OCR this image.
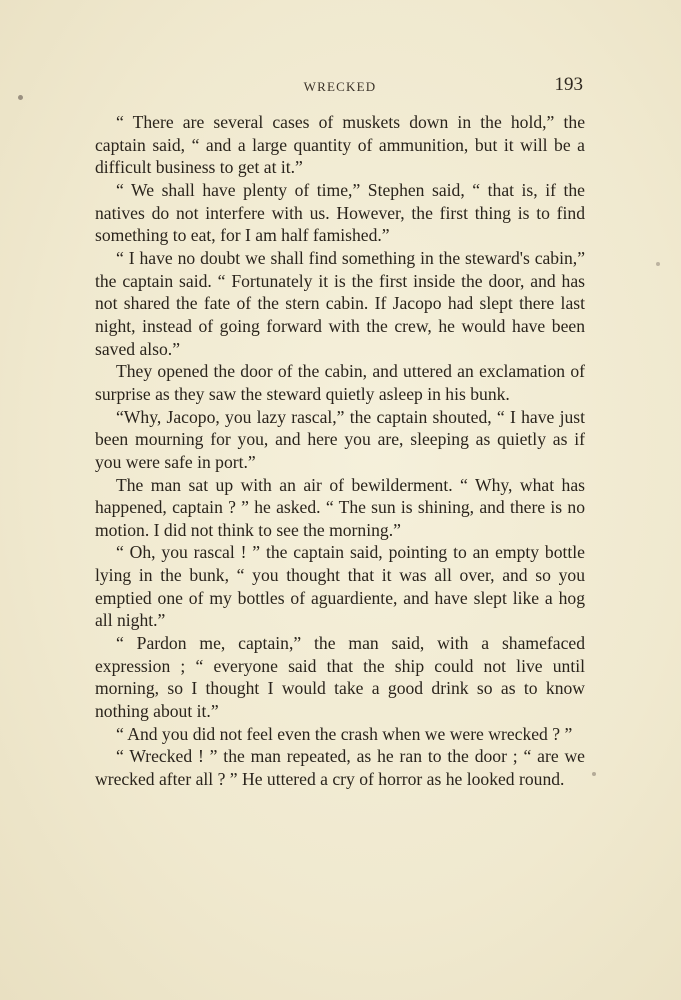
WRECKED	193

“ There are several cases of muskets down in the hold,” the captain said, “ and a large quantity of ammunition, but it will be a difficult business to get at it.”

“ We shall have plenty of time,” Stephen said, “ that is, if the natives do not interfere with us. However, the first thing is to find something to eat, for I am half famished.”

“ I have no doubt we shall find something in the steward's cabin,” the captain said. “ Fortunately it is the first inside the door, and has not shared the fate of the stern cabin. If Jacopo had slept there last night, instead of going forward with the crew, he would have been saved also.”

They opened the door of the cabin, and uttered an exclamation of surprise as they saw the steward quietly asleep in his bunk.

“Why, Jacopo, you lazy rascal,” the captain shouted, “ I have just been mourning for you, and here you are, sleeping as quietly as if you were safe in port.”

The man sat up with an air of bewilderment. “ Why, what has happened, captain ? ” he asked. “ The sun is shining, and there is no motion. I did not think to see the morning.”

“ Oh, you rascal ! ” the captain said, pointing to an empty bottle lying in the bunk, “ you thought that it was all over, and so you emptied one of my bottles of aguardiente, and have slept like a hog all night.”

“ Pardon me, captain,” the man said, with a shamefaced expression ; “ everyone said that the ship could not live until morning, so I thought I would take a good drink so as to know nothing about it.”

“ And you did not feel even the crash when we were wrecked ? ”

“ Wrecked ! ” the man repeated, as he ran to the door ; “ are we wrecked after all ? ” He uttered a cry of horror as he looked round.
